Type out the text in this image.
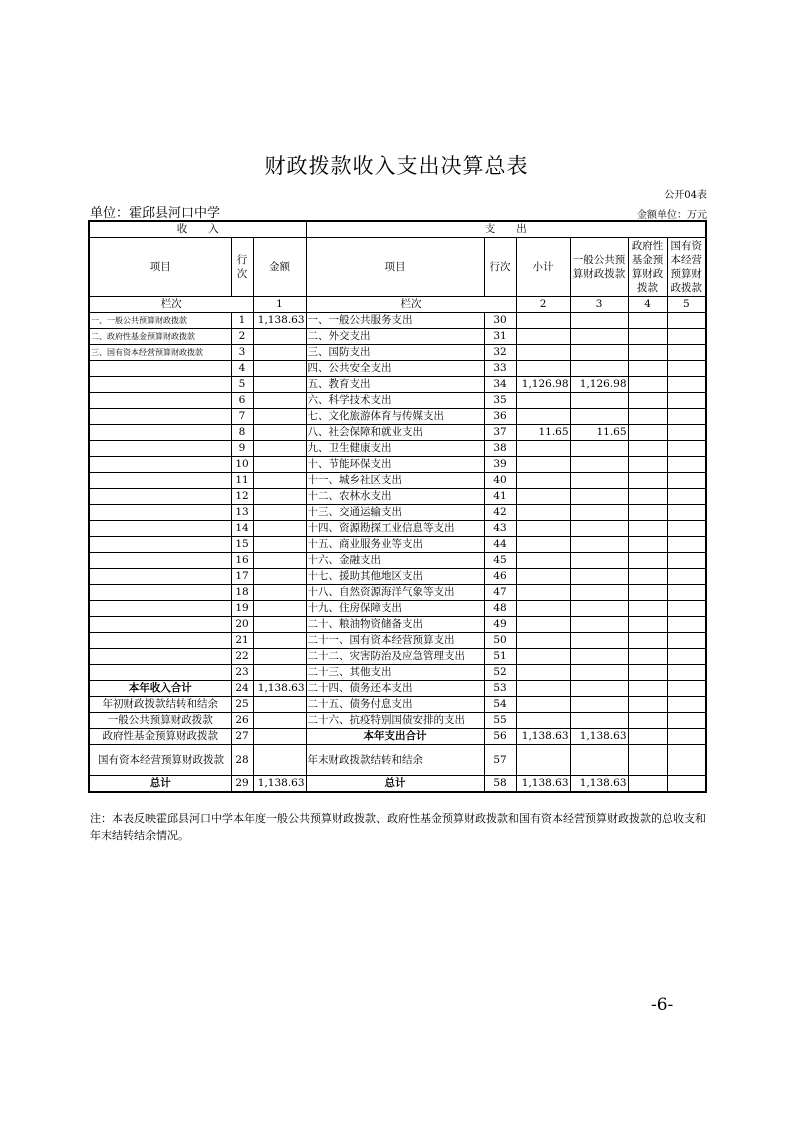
财政拨款收入支出决算总表
公开04表
单位：霍邱县河口中学	金额单位：万元
收　　入			支　　出					
项目	行次	金额	项目	行次	小计	一般公共预算财政拨款	政府性基金预算财政拨款	国有资本经营预算财政拨款
栏次		1	栏次		2	3	4	5
一、一般公共预算财政拨款	1	1,138.63	一、一般公共服务支出	30				
二、政府性基金预算财政拨款	2		二、外交支出	31				
三、国有资本经营预算财政拨款	3		三、国防支出	32				
	4		四、公共安全支出	33				
	5		五、教育支出	34	1,126.98	1,126.98		
	6		六、科学技术支出	35				
	7		七、文化旅游体育与传媒支出	36				
	8		八、社会保障和就业支出	37	11.65	11.65		
	9		九、卫生健康支出	38				
	10		十、节能环保支出	39				
	11		十一、城乡社区支出	40				
	12		十二、农林水支出	41				
	13		十三、交通运输支出	42				
	14		十四、资源勘探工业信息等支出	43				
	15		十五、商业服务业等支出	44				
	16		十六、金融支出	45				
	17		十七、援助其他地区支出	46				
	18		十八、自然资源海洋气象等支出	47				
	19		十九、住房保障支出	48				
	20		二十、粮油物资储备支出	49				
	21		二十一、国有资本经营预算支出	50				
	22		二十二、灾害防治及应急管理支出	51				
	23		二十三、其他支出	52				
本年收入合计	24	1,138.63	二十四、债务还本支出	53				
年初财政拨款结转和结余	25		二十五、债务付息支出	54				
一般公共预算财政拨款	26		二十六、抗疫特别国债安排的支出	55				
政府性基金预算财政拨款	27		本年支出合计	56	1,138.63	1,138.63		
国有资本经营预算财政拨款	28		年末财政拨款结转和结余	57				
总计	29	1,138.63	总计	58	1,138.63	1,138.63		
注：本表反映霍邱县河口中学本年度一般公共预算财政拨款、政府性基金预算财政拨款和国有资本经营预算财政拨款的总收支和年末结转结余情况。
-6-
